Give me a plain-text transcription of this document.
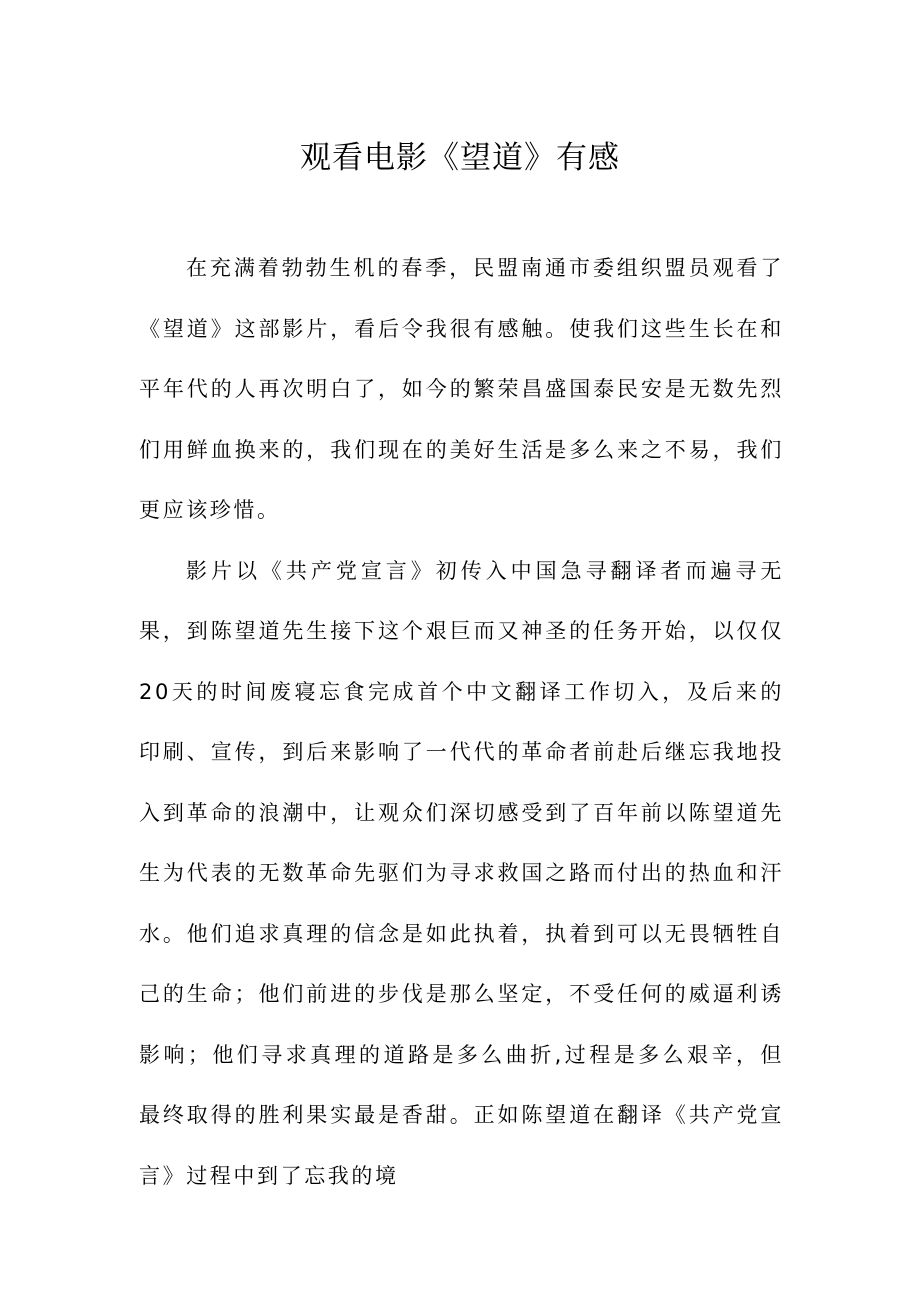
观看电影《望道》有感

在充满着勃勃生机的春季，民盟南通市委组织盟员观看了《望道》这部影片，看后令我很有感触。使我们这些生长在和平年代的人再次明白了，如今的繁荣昌盛国泰民安是无数先烈们用鲜血换来的，我们现在的美好生活是多么来之不易，我们更应该珍惜。

影片以《共产党宣言》初传入中国急寻翻译者而遍寻无果，到陈望道先生接下这个艰巨而又神圣的任务开始，以仅仅20天的时间废寝忘食完成首个中文翻译工作切入，及后来的印刷、宣传，到后来影响了一代代的革命者前赴后继忘我地投入到革命的浪潮中，让观众们深切感受到了百年前以陈望道先生为代表的无数革命先驱们为寻求救国之路而付出的热血和汗水。他们追求真理的信念是如此执着，执着到可以无畏牺牲自己的生命；他们前进的步伐是那么坚定，不受任何的威逼利诱影响；他们寻求真理的道路是多么曲折,过程是多么艰辛，但最终取得的胜利果实最是香甜。正如陈望道在翻译《共产党宣言》过程中到了忘我的境
